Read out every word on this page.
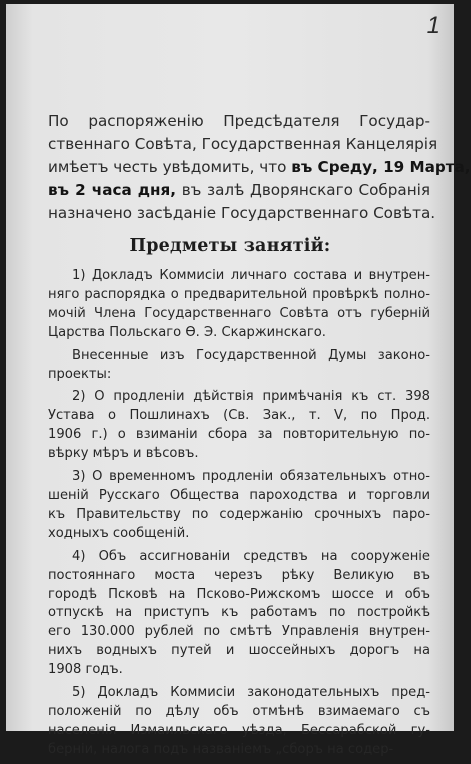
1
По распоряженію Предсѣдателя Государ-
ственнаго Совѣта, Государственная Канцелярія
имѣетъ честь увѣдомить, что въ Среду, 19 Марта,
въ 2 часа дня, въ залѣ Дворянскаго Собранія
назначено засѣданіе Государственнаго Совѣта.
Предметы занятій:
1) Докладъ Коммисіи личнаго состава и внутрен-
няго распорядка о предварительной провѣркѣ полно-
мочій Члена Государственнаго Совѣта отъ губерній
Царства Польскаго Ѳ. Э. Скаржинскаго.
Внесенные изъ Государственной Думы законо-
проекты:
2) О продленіи дѣйствія примѣчанія къ ст. 398
Устава о Пошлинахъ (Св. Зак., т. V, по Прод.
1906 г.) о взиманіи сбора за повторительную по-
вѣрку мѣръ и вѣсовъ.
3) О временномъ продленіи обязательныхъ отно-
шеній Русскаго Общества пароходства и торговли
къ Правительству по содержанію срочныхъ паро-
ходныхъ сообщеній.
4) Объ ассигнованіи средствъ на сооруженіе
постояннаго моста черезъ рѣку Великую въ
городѣ Псковѣ на Псково-Рижскомъ шоссе и объ
отпускѣ на приступъ къ работамъ по постройкѣ
его 130.000 рублей по смѣтѣ Управленія внутрен-
нихъ водныхъ путей и шоссейныхъ дорогъ на
1908 годъ.
5) Докладъ Коммисіи законодательныхъ пред-
положеній по дѣлу объ отмѣнѣ взимаемаго съ
населенія Измаильскаго уѣзда, Бессарабской гу-
берніи, налога подъ названіемъ „сборъ на содер-
